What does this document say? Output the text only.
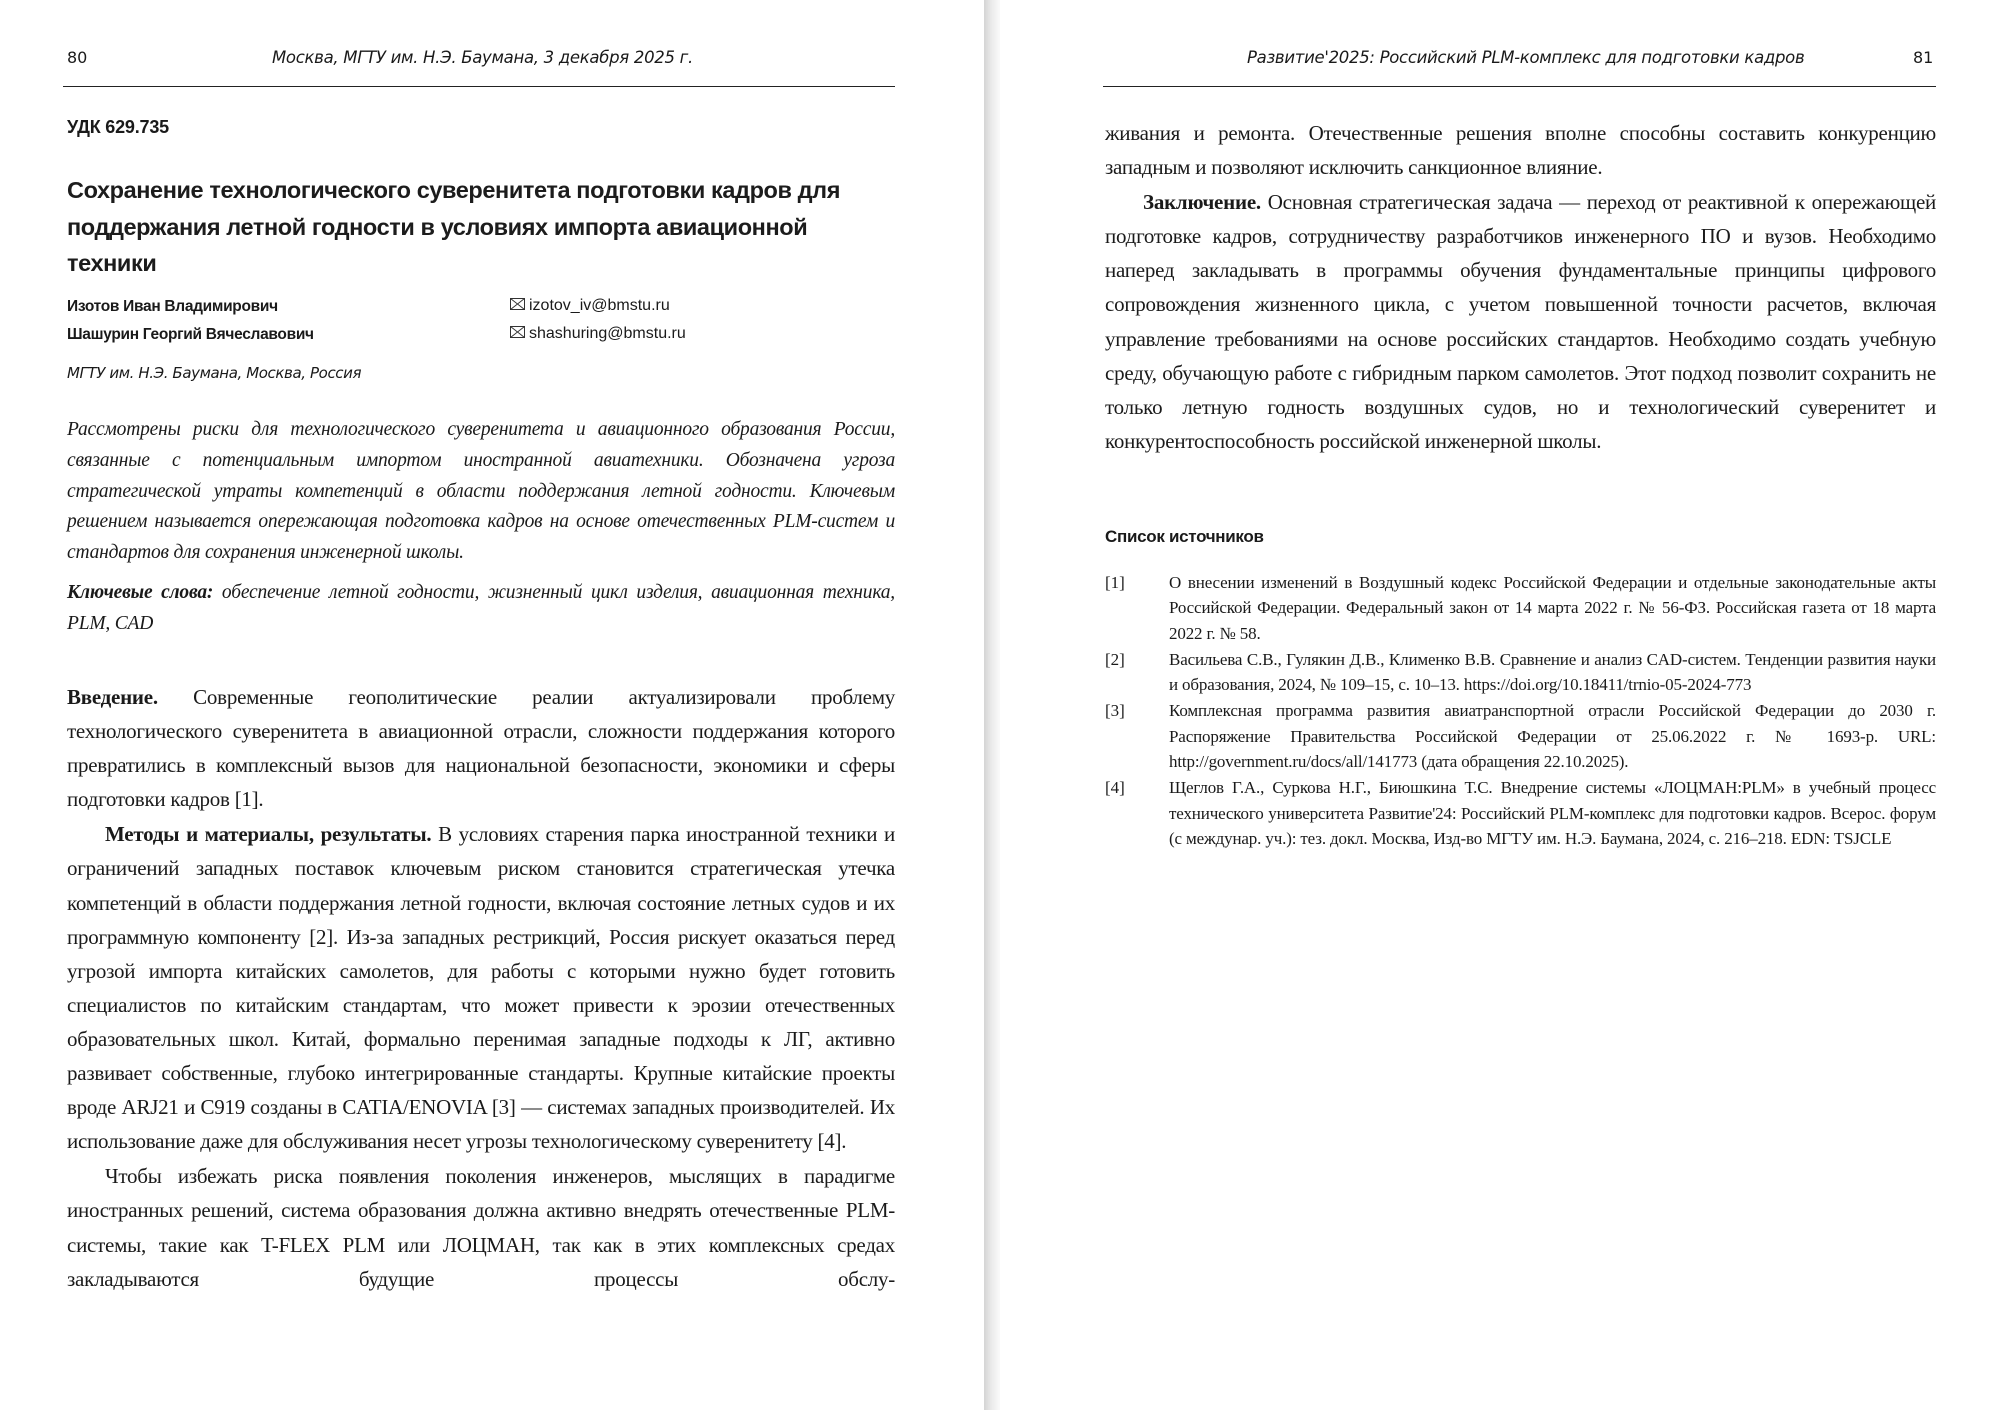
80	Москва, МГТУ им. Н.Э. Баумана, 3 декабря 2025 г.
УДК 629.735
Сохранение технологического суверенитета подготовки кадров для поддержания летной годности в условиях импорта авиационной техники
Изотов Иван Владимирович	izotov_iv@bmstu.ru
Шашурин Георгий Вячеславович	shashuring@bmstu.ru
МГТУ им. Н.Э. Баумана, Москва, Россия
Рассмотрены риски для технологического суверенитета и авиационного образования России, связанные с потенциальным импортом иностранной авиатехники. Обозначена угроза стратегической утраты компетенций в области поддержания летной годности. Ключевым решением называется опережающая подготовка кадров на основе отечественных PLM-систем и стандартов для сохранения инженерной школы.
Ключевые слова: обеспечение летной годности, жизненный цикл изделия, авиационная техника, PLM, CAD

Введение. Современные геополитические реалии актуализировали проблему технологического суверенитета в авиационной отрасли, сложности поддержания которого превратились в комплексный вызов для национальной безопасности, экономики и сферы подготовки кадров [1].

Методы и материалы, результаты. В условиях старения парка иностранной техники и ограничений западных поставок ключевым риском становится стратегическая утечка компетенций в области поддержания летной годности, включая состояние летных судов и их программную компоненту [2]. Из-за западных рестрикций, Россия рискует оказаться перед угрозой импорта китайских самолетов, для работы с которыми нужно будет готовить специалистов по китайским стандартам, что может привести к эрозии отечественных образовательных школ. Китай, формально перенимая западные подходы к ЛГ, активно развивает собственные, глубоко интегрированные стандарты. Крупные китайские проекты вроде ARJ21 и C919 созданы в CATIA/ENOVIA [3] — системах западных производителей. Их использование даже для обслуживания несет угрозы технологическому суверенитету [4].

Чтобы избежать риска появления поколения инженеров, мыслящих в парадигме иностранных решений, система образования должна активно внедрять отечественные PLM-системы, такие как T-FLEX PLM или ЛОЦМАН, так как в этих комплексных средах закладываются будущие процессы обслу-

Развитие'2025: Российский PLM-комплекс для подготовки кадров	81

живания и ремонта. Отечественные решения вполне способны составить конкуренцию западным и позволяют исключить санкционное влияние.

Заключение. Основная стратегическая задача — переход от реактивной к опережающей подготовке кадров, сотрудничеству разработчиков инженерного ПО и вузов. Необходимо наперед закладывать в программы обучения фундаментальные принципы цифрового сопровождения жизненного цикла, с учетом повышенной точности расчетов, включая управление требованиями на основе российских стандартов. Необходимо создать учебную среду, обучающую работе с гибридным парком самолетов. Этот подход позволит сохранить не только летную годность воздушных судов, но и технологический суверенитет и конкурентоспособность российской инженерной школы.

Список источников
[1]	О внесении изменений в Воздушный кодекс Российской Федерации и отдельные законодательные акты Российской Федерации. Федеральный закон от 14 марта 2022 г. № 56-ФЗ. Российская газета от 18 марта 2022 г. № 58.
[2]	Васильева С.В., Гулякин Д.В., Клименко В.В. Сравнение и анализ CAD-систем. Тенденции развития науки и образования, 2024, № 109–15, с. 10–13. https://doi.org/10.18411/trnio-05-2024-773
[3]	Комплексная программа развития авиатранспортной отрасли Российской Федерации до 2030 г. Распоряжение Правительства Российской Федерации от 25.06.2022 г. № 1693-р. URL: http://government.ru/docs/all/141773 (дата обращения 22.10.2025).
[4]	Щеглов Г.А., Суркова Н.Г., Биюшкина Т.С. Внедрение системы «ЛОЦМАН:PLM» в учебный процесс технического университета Развитие'24: Российский PLM-комплекс для подготовки кадров. Всерос. форум (с междунар. уч.): тез. докл. Москва, Изд-во МГТУ им. Н.Э. Баумана, 2024, с. 216–218. EDN: TSJCLE
